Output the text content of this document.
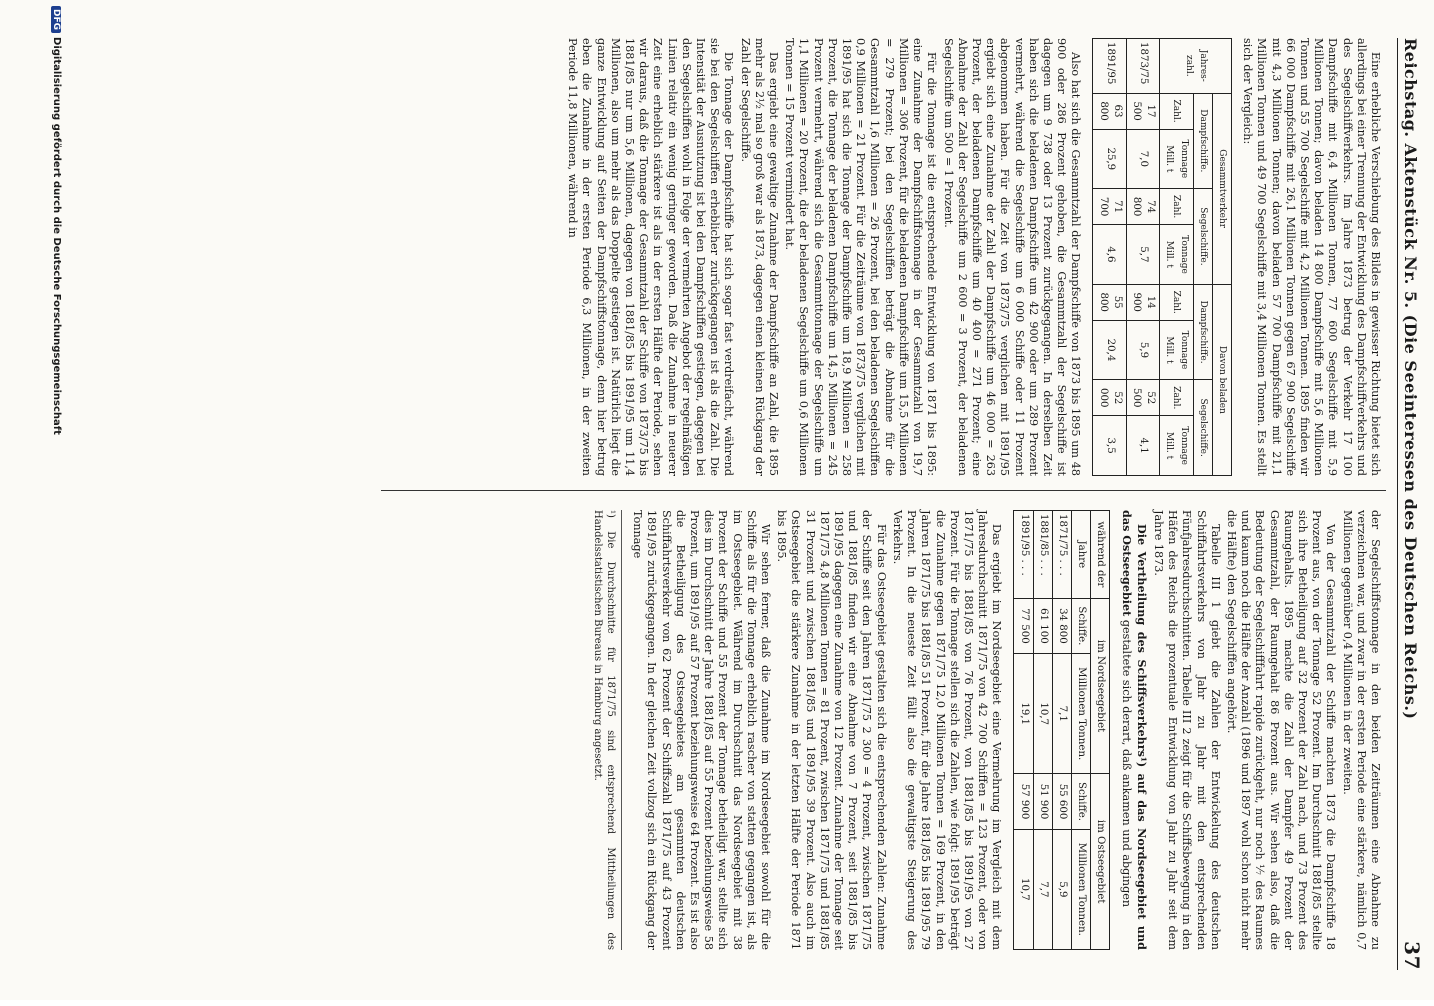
Reichstag. Aktenstück Nr. 5. (Die Seeinteressen des Deutschen Reichs.)
37

Eine erhebliche Verschiebung des Bildes in gewisser Richtung bietet sich allerdings bei einer Trennung der Entwicklung des Dampfschiffverkehrs und des Segelschiffverkehrs. Im Jahre 1873 betrug der Verkehr 17 100 Dampfschiffe mit 6,4 Millionen Tonnen, 77 600 Segelschiffe mit 5,9 Millionen Tonnen; davon beladen 14 800 Dampfschiffe mit 5,6 Millionen Tonnen und 55 700 Segelschiffe mit 4,2 Millionen Tonnen. 1895 finden wir 66 000 Dampfschiffe mit 26,1 Millionen Tonnen gegen 67 900 Segelschiffe mit 4,3 Millionen Tonnen; davon beladen 57 700 Dampfschiffe mit 21,1 Millionen Tonnen und 49 700 Segelschiffe mit 3,4 Millionen Tonnen. Es stellt sich der Vergleich:

Jahres-zahl.	Gesammtverkehr				Davon beladen			
	Dampfschiffe.		Segelschiffe.		Dampfschiffe.		Segelschiffe.	
	Zahl.	Tonnage Mill. t	Zahl.	Tonnage Mill. t	Zahl.	Tonnage Mill. t	Zahl.	Tonnage Mill. t
1873/75	17 500	7,0	74 800	5,7	14 900	5,9	52 500	4,1
1891/95	63 800	25,9	71 700	4,6	55 800	20,4	52 000	3,5

Also hat sich die Gesammtzahl der Dampfschiffe von 1873 bis 1895 um 48 900 oder 286 Prozent gehoben, die Gesammtzahl der Segelschiffe ist dagegen um 9 738 oder 13 Prozent zurückgegangen. In derselben Zeit haben sich die beladenen Dampfschiffe um 42 900 oder um 289 Prozent vermehrt, während die Segelschiffe um 6 000 Schiffe oder 11 Prozent abgenommen haben. Für die Zeit von 1873/75 verglichen mit 1891/95 ergiebt sich eine Zunahme der Zahl der Dampfschiffe um 46 000 = 263 Prozent, der beladenen Dampfschiffe um 40 400 = 271 Prozent; eine Abnahme der Zahl der Segelschiffe um 2 600 = 3 Prozent, der beladenen Segelschiffe um 500 = 1 Prozent.

Für die Tonnage ist die entsprechende Entwicklung von 1871 bis 1895: eine Zunahme der Dampfschiffstonnage in der Gesammtzahl von 19,7 Millionen = 306 Prozent, für die beladenen Dampfschiffe um 15,5 Millionen = 279 Prozent; bei den Segelschiffen beträgt die Abnahme für die Gesammtzahl 1,6 Millionen = 26 Prozent, bei den beladenen Segelschiffen 0,9 Millionen = 21 Prozent. Für die Zeiträume von 1873/75 verglichen mit 1891/95 hat sich die Tonnage der Dampfschiffe um 18,9 Millionen = 258 Prozent, die Tonnage der beladenen Dampfschiffe um 14,5 Millionen = 245 Prozent vermehrt, während sich die Gesammttonnage der Segelschiffe um 1,1 Millionen = 20 Prozent, die der beladenen Segelschiffe um 0,6 Millionen Tonnen = 15 Prozent vermindert hat.

Das ergiebt eine gewaltige Zunahme der Dampfschiffe an Zahl, die 1895 mehr als 2½ mal so groß war als 1873, dagegen einen kleinen Rückgang der Zahl der Segelschiffe.

Die Tonnage der Dampfschiffe hat sich sogar fast verdreifacht, während sie bei den Segelschiffen erheblicher zurückgegangen ist als die Zahl. Die Intensität der Ausnutzung ist bei den Dampfschiffen gestiegen, dagegen bei den Segelschiffen wohl in Folge der vermehrten Angebot der regelmäßigen Linien relativ ein wenig geringer geworden. Daß die Zunahme in neuerer Zeit eine erheblich stärkere ist als in der ersten Hälfte der Periode, sehen wir daraus, daß die Tonnage der Gesammtzahl der Schiffe von 1873/75 bis 1881/85 nur um 5,6 Millionen, dagegen von 1881/85 bis 1891/95 um 11,4 Millionen, also um mehr als das Doppelte gestiegen ist. Natürlich liegt die ganze Entwicklung auf Seiten der Dampfschiffstonnage, denn hier betrug eben die Zunahme in der ersten Periode 6,3 Millionen, in der zweiten Periode 11,8 Millionen, während in

der Segelschiffstonnage in den beiden Zeiträumen eine Abnahme zu verzeichnen war, und zwar in der ersten Periode eine stärkere, nämlich 0,7 Millionen gegenüber 0,4 Millionen in der zweiten.

Von der Gesammtzahl der Schiffe machten 1873 die Dampfschiffe 18 Prozent aus, von der Tonnage 52 Prozent. Im Durchschnitt 1881/85 stellte sich ihre Betheiligung auf 32 Prozent der Zahl nach, und 73 Prozent des Raumgehalts. 1895 machte die Zahl der Dampfer 49 Prozent der Gesammtzahl, der Raumgehalt 86 Prozent aus. Wir sehen also, daß die Bedeutung der Segelschifffahrt rapide zurückgeht, nur noch ⅐ des Raumes und kaum noch die Hälfte der Anzahl (1896 und 1897 wohl schon nicht mehr die Hälfte) den Segelschiffen angehört.

Tabelle III 1 giebt die Zahlen der Entwickelung des deutschen Schiffahrtsverkehrs von Jahr zu Jahr mit den entsprechenden Fünfjahresdurchschnitten. Tabelle III 2 zeigt für die Schiffsbewegung in den Häfen des Reichs die prozentuale Entwicklung von Jahr zu Jahr seit dem Jahre 1873.

Die Vertheilung des Schiffsverkehrs¹) auf das Nordseegebiet und das Ostseegebiet gestaltete sich derart, daß ankamen und abgingen

während der	im Nordseegebiet		im Ostseegebiet	
Jahre	Schiffe.	Millionen Tonnen.	Schiffe.	Millionen Tonnen.
1871/75 . . .	34 800	7,1	55 600	5,9
1881/85 . . .	61 100	10,7	51 900	7,7
1891/95 . . .	77 500	19,1	57 900	10,7

Das ergiebt im Nordseegebiet eine Vermehrung im Vergleich mit dem Jahresdurchschnitt 1871/75 von 42 700 Schiffen = 123 Prozent, oder von 1871/75 bis 1881/85 von 76 Prozent, von 1881/85 bis 1891/95 von 27 Prozent. Für die Tonnage stellen sich die Zahlen, wie folgt: 1891/95 beträgt die Zunahme gegen 1871/75 12,0 Millionen Tonnen = 169 Prozent, in den Jahren 1871/75 bis 1881/85 51 Prozent, für die Jahre 1881/85 bis 1891/95 79 Prozent. In die neueste Zeit fällt also die gewaltigste Steigerung des Verkehrs.

Für das Ostseegebiet gestalten sich die entsprechenden Zahlen: Zunahme der Schiffe seit den Jahren 1871/75 2 300 = 4 Prozent, zwischen 1871/75 und 1881/85 finden wir eine Abnahme von 7 Prozent, seit 1881/85 bis 1891/95 dagegen eine Zunahme von 12 Prozent. Zunahme der Tonnage seit 1871/75 4,8 Millionen Tonnen = 81 Prozent, zwischen 1871/75 und 1881/85 31 Prozent und zwischen 1881/85 und 1891/95 39 Prozent. Also auch im Ostseegebiet die stärkere Zunahme in der letzten Hälfte der Periode 1871 bis 1895.

Wir sehen ferner, daß die Zunahme im Nordseegebiet sowohl für die Schiffe als für die Tonnage erheblich rascher von statten gegangen ist, als im Ostseegebiet. Während im Durchschnitt das Nordseegebiet mit 38 Prozent der Schiffe und 55 Prozent der Tonnage betheiligt war, stellte sich dies im Durchschnitt der Jahre 1881/85 auf 55 Prozent beziehungsweise 58 Prozent, um 1891/95 auf 57 Prozent beziehungsweise 64 Prozent. Es ist also die Betheiligung des Ostseegebietes am gesammten deutschen Schiffahrtsverkehr von 62 Prozent der Schiffszahl 1871/75 auf 43 Prozent 1891/95 zurückgegangen. In der gleichen Zeit vollzog sich ein Rückgang der Tonnage

¹) Die Durchschnitte für 1871/75 sind entsprechend Mittheilungen des Handelsstatistischen Bureaus in Hamburg angesetzt.
DFGDigitalisierung gefördert durch die Deutsche Forschungsgemeinschaft
